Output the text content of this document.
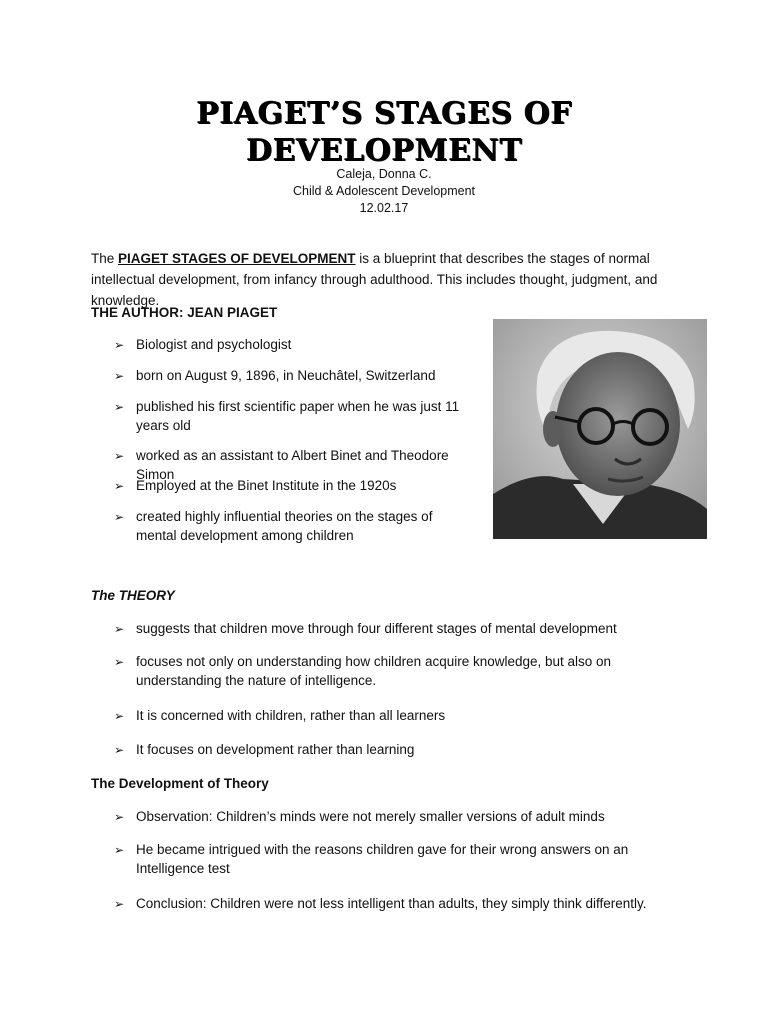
PIAGET’S STAGES OF
DEVELOPMENT
Caleja, Donna C.
Child & Adolescent Development
12.02.17
The PIAGET STAGES OF DEVELOPMENT is a blueprint that describes the stages of normal intellectual development, from infancy through adulthood. This includes thought, judgment, and knowledge.
THE AUTHOR: JEAN PIAGET
➢ Biologist and psychologist
➢ born on August 9, 1896, in Neuchâtel, Switzerland
➢ published his first scientific paper when he was just 11 years old
➢ worked as an assistant to Albert Binet and Theodore Simon
➢ Employed at the Binet Institute in the 1920s
➢ created highly influential theories on the stages of mental development among children
The THEORY
➢ suggests that children move through four different stages of mental development
➢ focuses not only on understanding how children acquire knowledge, but also on understanding the nature of intelligence.
➢ It is concerned with children, rather than all learners
➢ It focuses on development rather than learning
The Development of Theory
➢ Observation: Children’s minds were not merely smaller versions of adult minds
➢ He became intrigued with the reasons children gave for their wrong answers on an Intelligence test
➢ Conclusion: Children were not less intelligent than adults, they simply think differently.
